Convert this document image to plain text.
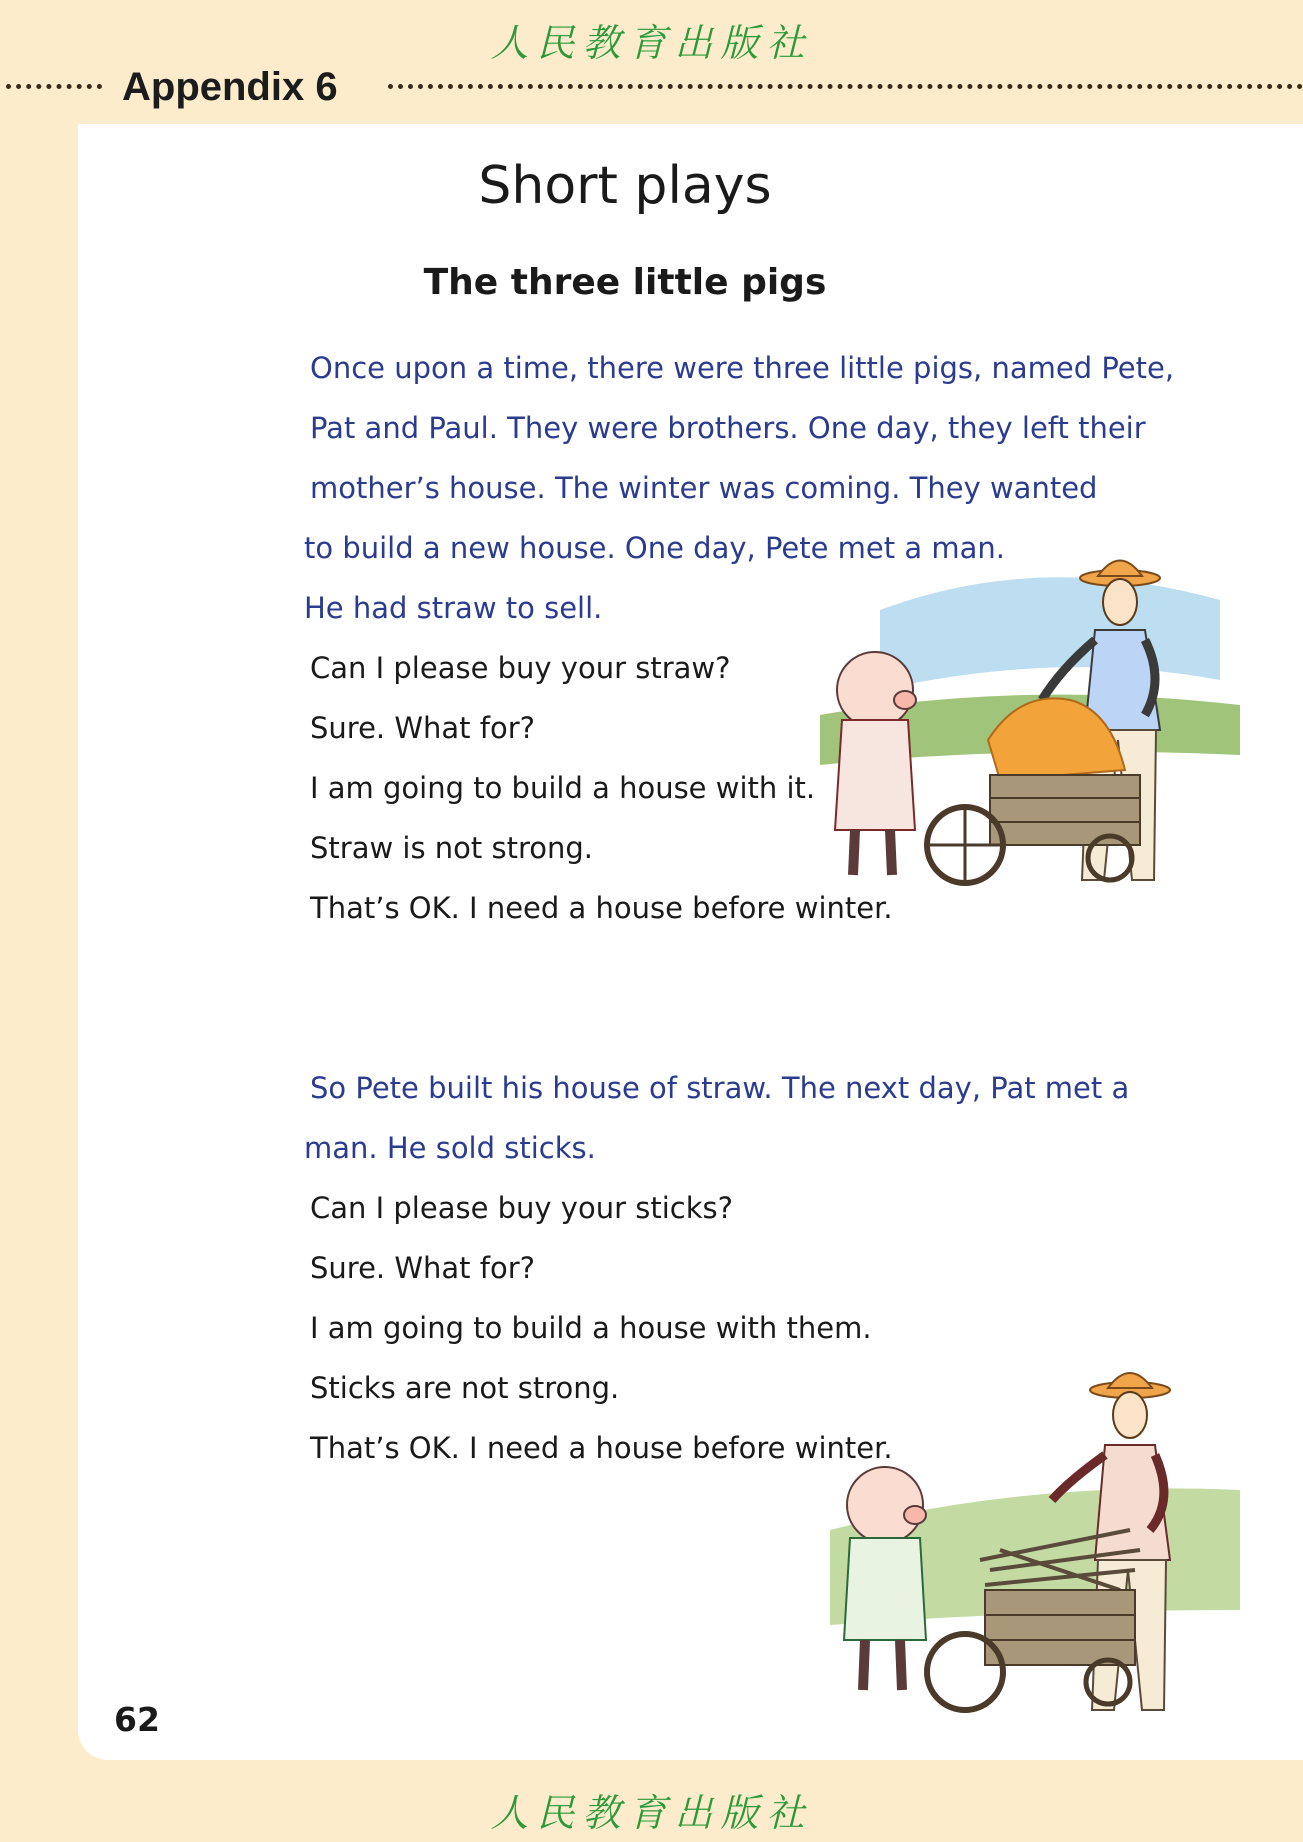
人民教育出版社
Appendix 6
Short plays
The three little pigs
Once upon a time, there were three little pigs, named Pete,
Pat and Paul. They were brothers. One day, they left their
mother’s house. The winter was coming. They wanted
to build a new house. One day, Pete met a man.
He had straw to sell.
Can I please buy your straw?
Sure. What for?
I am going to build a house with it.
Straw is not strong.
That’s OK. I need a house before winter.
So Pete built his house of straw. The next day, Pat met a
man. He sold sticks.
Can I please buy your sticks?
Sure. What for?
I am going to build a house with them.
Sticks are not strong.
That’s OK. I need a house before winter.
62
人民教育出版社
